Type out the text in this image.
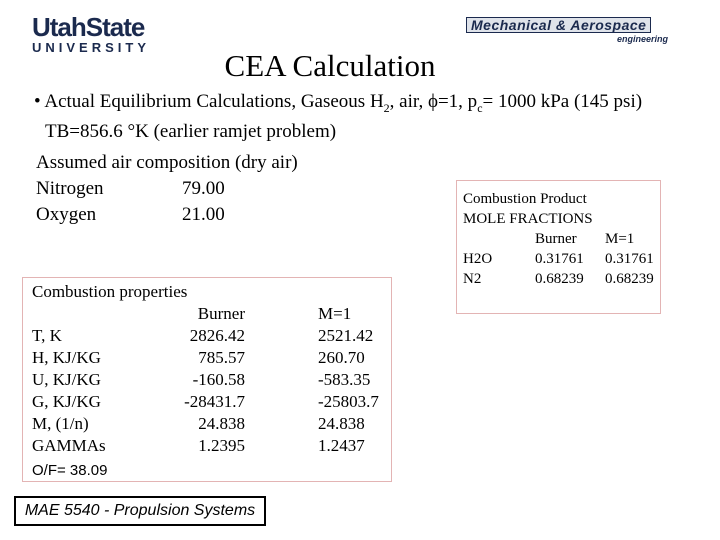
UtahState
UNIVERSITY
Mechanical & Aerospace
engineering
CEA Calculation
• Actual Equilibrium Calculations, Gaseous $H_2$, air, ϕ=1, $p_c= 1000$ kPa (145 psi)
TB=856.6 °K (earlier ramjet problem)
Assumed air composition (dry air)
Nitrogen	79.00
Oxygen	21.00
Combustion Product
MOLE FRACTIONS
Burner M=1
H2O	0.31761 0.31761
N2	0.68239 0.68239
Combustion properties
Burner	M=1
T, K	2826.42	2521.42
H, KJ/KG	785.57	260.70
U, KJ/KG	-160.58	-583.35
G, KJ/KG	-28431.7	-25803.7
M, (1/n)	24.838	24.838
GAMMAs	1.2395	1.2437
O/F= 38.09
MAE 5540 - Propulsion Systems
